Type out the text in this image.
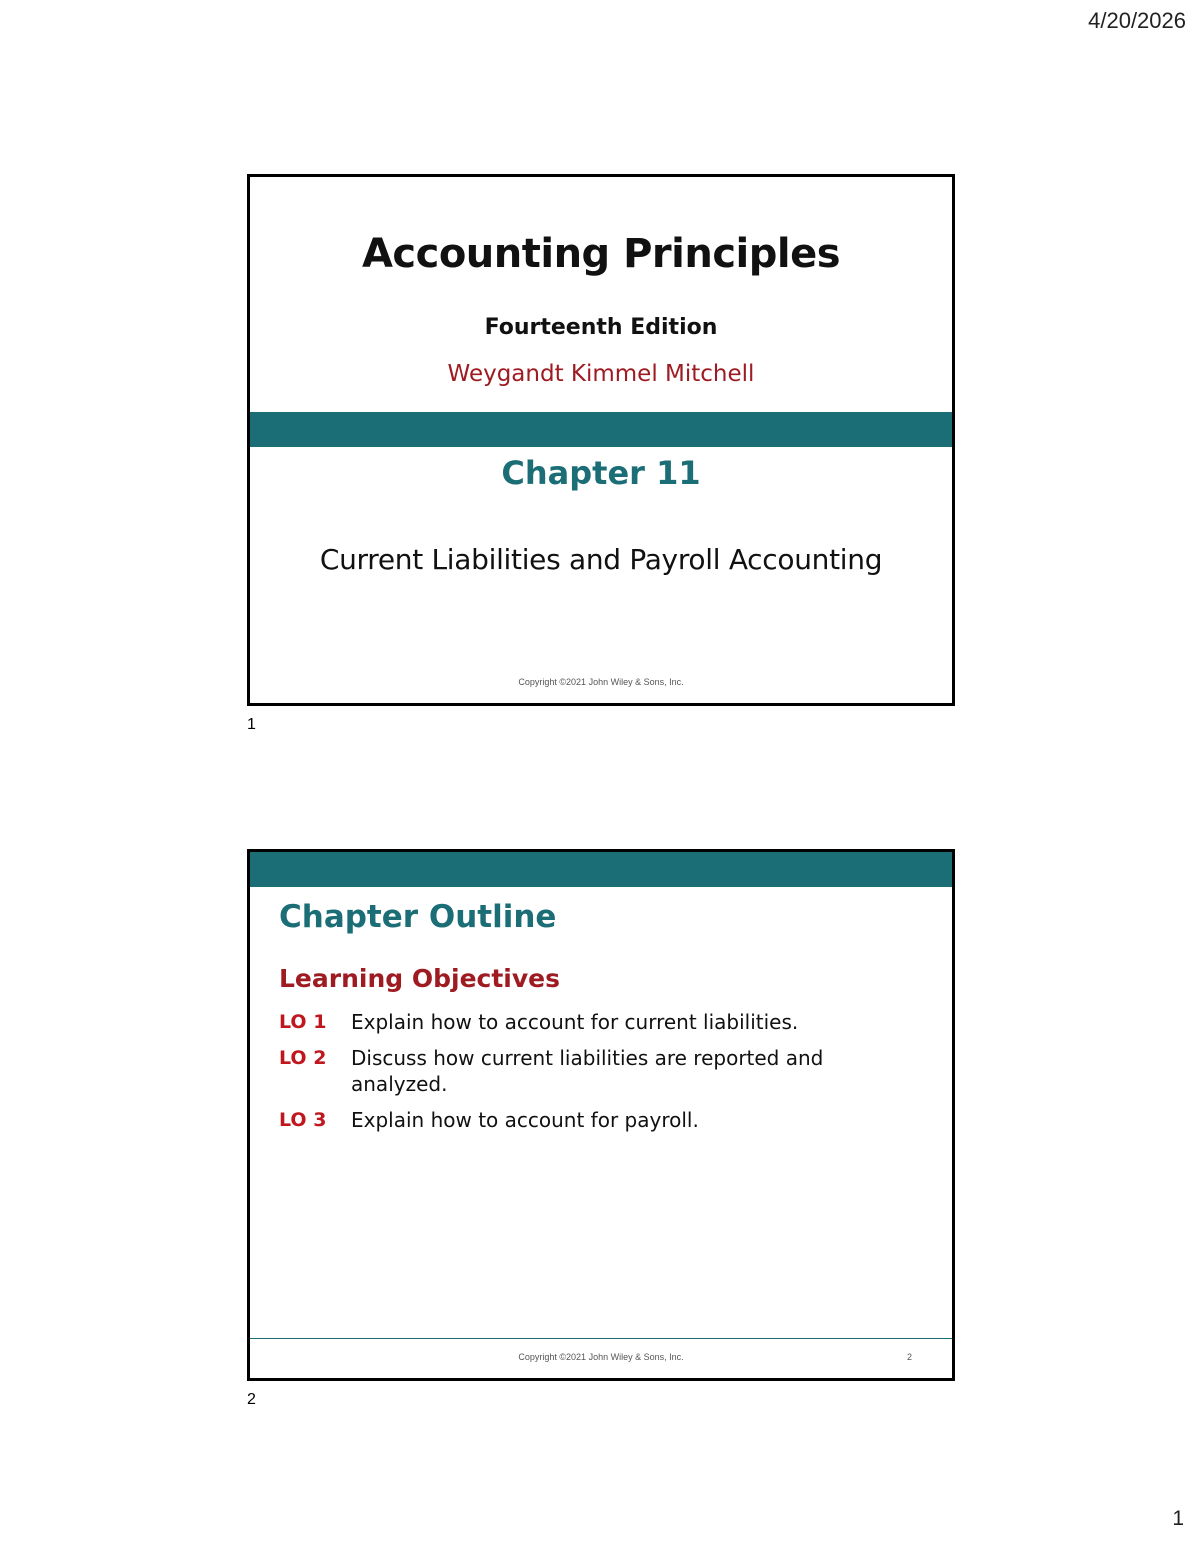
4/20/2026
Accounting Principles
Fourteenth Edition
Weygandt Kimmel Mitchell
Chapter 11
Current Liabilities and Payroll Accounting
Copyright ©2021 John Wiley & Sons, Inc.
1
Chapter Outline
Learning Objectives
LO 1	Explain how to account for current liabilities.
LO 2	Discuss how current liabilities are reported and analyzed.
LO 3	Explain how to account for payroll.
Copyright ©2021 John Wiley & Sons, Inc.	2
2
1
